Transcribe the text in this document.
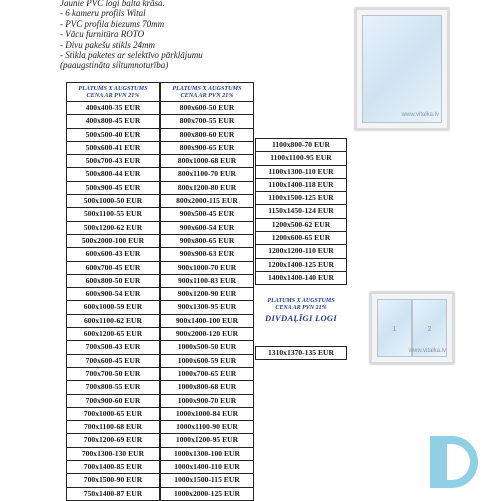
Jaunie PVC logi balta krāsa.
- 6 kameru profils Wital
- PVC profila biezums 70mm
- Vācu furnitūra ROTO
- Divu pakešu stikls 24mm
- Stikla paketes ar selektīvo pārklājumu
(paaugstināta siltumnoturība)
PLATUMS X AUGSTUMS
CENA AR PVN 21%

400x400-35 EUR
400x800-45 EUR
500x500-40 EUR
500x600-41 EUR
500x700-43 EUR
500x800-44 EUR
500x900-45 EUR
500x1000-50 EUR
500x1100-55 EUR
500x1200-62 EUR
500x2000-100 EUR
600x600-43 EUR
600x700-45 EUR
600x800-50 EUR
600x900-54 EUR
600x1000-59 EUR
600x1100-62 EUR
600x1200-65 EUR
700x500-43 EUR
700x600-45 EUR
700x700-50 EUR
700x800-55 EUR
700x900-60 EUR
700x1000-65 EUR
700x1100-68 EUR
700x1200-69 EUR
700x1300-130 EUR
700x1400-85 EUR
700x1500-90 EUR
750x1400-87 EUR
PLATUMS X AUGSTUMS
CENA AR PVN 21%

800x600-50 EUR
800x700-55 EUR
800x800-60 EUR
800x900-65 EUR
800x1000-68 EUR
800x1100-70 EUR
800x1200-80 EUR
800x2000-115 EUR
900x500-45 EUR
900x600-54 EUR
900x800-65 EUR
900x900-63 EUR
900x1000-70 EUR
900x1100-83 EUR
900x1200-90 EUR
900x1300-95 EUR
900x1400-100 EUR
900x2000-120 EUR
1000x500-50 EUR
1000x600-59 EUR
1000x700-65 EUR
1000x800-68 EUR
1000x900-70 EUR
1000x1000-84 EUR
1000x1100-90 EUR
1000x1200-95 EUR
1000x1300-100 EUR
1000x1400-110 EUR
1000x1500-115 EUR
1000x2000-125 EUR
1100x800-70 EUR
1100x1100-95 EUR
1100x1300-110 EUR
1100x1400-118 EUR
1100x1500-125 EUR
1150x1450-124 EUR
1200x500-62 EUR
1200x600-65 EUR
1200x1200-110 EUR
1200x1400-125 EUR
1400x1400-140 EUR
PLATUMS X AUGSTUMS
CENA AR PVN 21%
DIVDAĻĪGI LOGI
1310x1370-135 EUR
www.vitalka.lv
1	2
www.vitalka.lv
